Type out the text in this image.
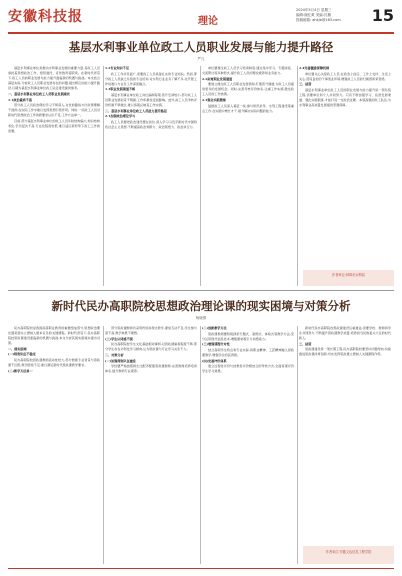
安徽科技报	理论
2024年5月4日 星期三
编辑:谢红黄 美编:沈楠
投稿邮箱: ahkjb@163.com	15
基层水利事业单位政工人员职业发展与能力提升路径
严凡

基层水利事业单位是推动水利事业发展的重要力量,其政工人员承担着思想政治工作、组织建设、宣传教育等职责。在新时代背景下,政工人员的职业发展与能力提升面临新的机遇与挑战。本文结合基层实际,分析政工人员职业发展存在的问题,提出相应的能力提升路径,以期为基层水利事业单位政工队伍建设提供参考。

一、基层水利事业单位政工人员职业发展现状

1.1政治素质不高

部分政工人员政治理论学习不够深入,对党的路线方针政策理解不透彻,在实际工作中难以发挥思想引领作用。同时,一些政工人员对新时代思想政治工作的新要求认识不足,工作方法单一。

目前,部分基层水利事业单位的政工人员年龄结构偏大,知识结构老化,学历层次不高,专业化程度较低,难以适应新形势下政工工作的需要。

1.2专业知识不足

政工工作涉及面广,需要政工人员具备扎实的专业知识。然而,部分政工人员缺乏系统的专业培训,对水利行业业务了解不多,在开展工作时难以与业务工作深度融合。

1.3职业发展渠道不畅

基层水利事业单位政工岗位编制有限,晋升空间较小,部分政工人员职业发展前景不明朗,工作积极性受到影响。此外,政工人员考核评价机制不够健全,难以客观反映其工作实绩。

二、基层水利事业单位政工人员能力提升路径

2.1加强政治理论学习

政工人员要把政治建设摆在首位,深入学习习近平新时代中国特色社会主义思想,不断提高政治判断力、政治领悟力、政治执行力。

单位要健全政工人员学习培训制度,通过集中学习、专题讲座、交流研讨等多种形式,提升政工人员的理论素养和业务能力。

2.2拓宽职业发展通道

要建立健全政工人员职业发展机制,打通晋升通道,为政工人员提供更多的发展机会。同时,完善考核评价体系,注重工作实绩,激发政工人员的工作热情。

2.3强化实践锻炼

鼓励政工人员深入基层一线,参与防汛抗旱、水利工程建设等重点工作,在实践中增长才干,提升解决实际问题的能力。

2.4完善激励保障机制

单位要关心关爱政工人员,在政治上信任、工作上支持、生活上关心,营造良好的干事创业环境,增强政工人员的归属感和荣誉感。

三、结语

基层水利事业单位政工人员的职业发展与能力提升是一项系统工程,需要单位和个人共同努力。只有不断加强学习、拓宽发展渠道、强化实践锻炼,才能打造一支政治过硬、本领高强的政工队伍,为水利事业高质量发展提供坚强保障。

作者单位:蚌埠市水利局
新时代民办高职院校思想政治理论课的现实困境与对策分析
杨晓倩

民办高职院校是我国高等职业教育的重要组成部分,思想政治理论课是落实立德树人根本任务的关键课程。新时代背景下,民办高职院校思政课建设面临新的机遇与挑战,本文分析其现实困境并提出对策。

一、现实困境

(一)师资队伍不稳定

民办高职院校思政课教师流动性较大,部分教师专业背景与思政课不匹配,教学经验不足,难以满足新时代思政课教学要求。

(二)教学方法单一

部分思政课教师仍采用传统讲授式教学,课堂互动不足,学生参与度不高,教学效果不理想。

(三)学生认同感不强

民办高职院校学生文化基础相对薄弱,对思政课重视程度不够,部分学生存在功利化学习倾向,认为思政课与专业学习关系不大。

二、对策分析

(一)加强师资队伍建设

学校要严格按照师生比配齐配强思政课教师,完善教师培养培训体系,提升教师专业素养。

(二)创新教学方法

思政课教师要积极探索专题式、案例式、体验式等教学方法,充分运用现代信息技术,增强课堂吸引力和感染力。

(三)增强课程针对性

结合高职学生特点和专业实际,将职业精神、工匠精神融入思政课教学,增强学生的获得感。

(四)完善评价体系

建立过程性评价与结果性评价相结合的考核方式,全面客观评价学生学习效果。

新时代民办高职院校思政课建设任重道远,需要学校、教师和学生共同努力,不断提升思政课教学质量,培养担当民族复兴大任的时代新人。

三、结语

思政课建设是一项长期工程,民办高职院校要坚持问题导向,持续推进思政课改革创新,切实发挥思政课立德树人关键课程作用。

作者单位:安徽文达信息工程学院
